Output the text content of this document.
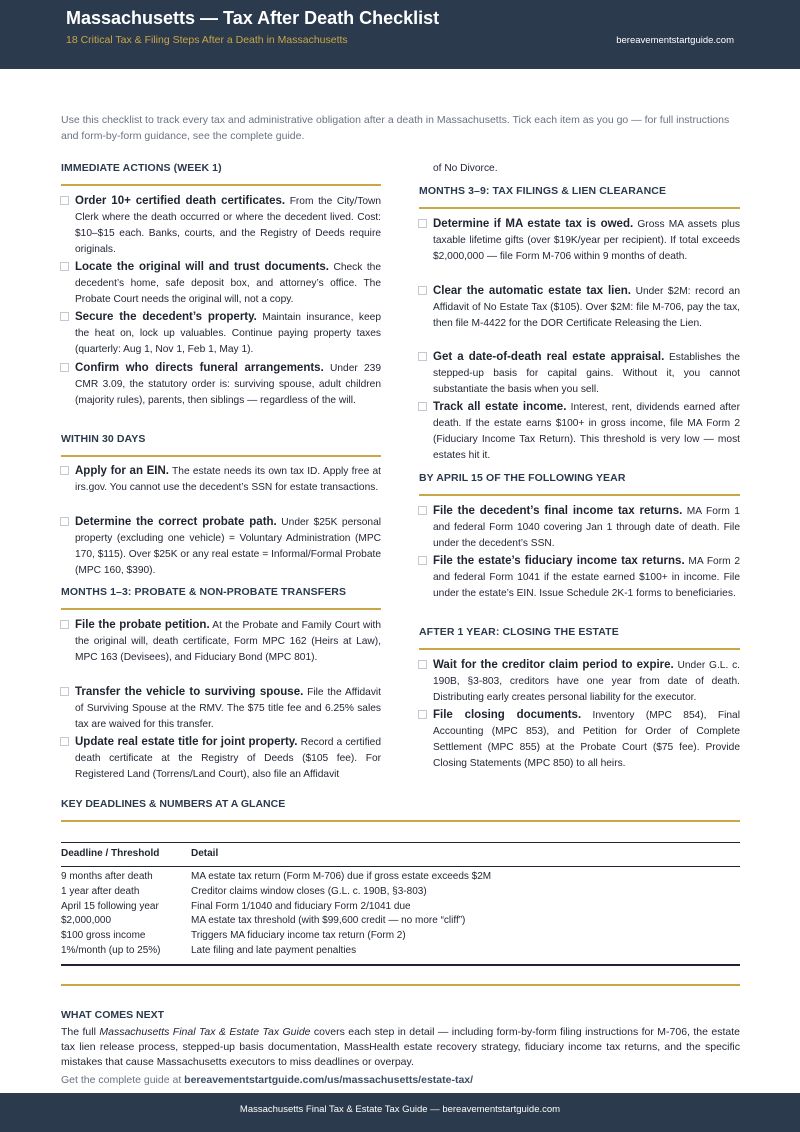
Massachusetts — Tax After Death Checklist
18 Critical Tax & Filing Steps After a Death in Massachusetts	bereavementstartguide.com
Use this checklist to track every tax and administrative obligation after a death in Massachusetts. Tick each item as you go — for full instructions and form-by-form guidance, see the complete guide.
IMMEDIATE ACTIONS (WEEK 1)
Order 10+ certified death certificates. From the City/Town Clerk where the death occurred or where the decedent lived. Cost: $10–$15 each. Banks, courts, and the Registry of Deeds require originals.
Locate the original will and trust documents. Check the decedent’s home, safe deposit box, and attorney’s office. The Probate Court needs the original will, not a copy.
Secure the decedent’s property. Maintain insurance, keep the heat on, lock up valuables. Continue paying property taxes (quarterly: Aug 1, Nov 1, Feb 1, May 1).
Confirm who directs funeral arrangements. Under 239 CMR 3.09, the statutory order is: surviving spouse, adult children (majority rules), parents, then siblings — regardless of the will.
WITHIN 30 DAYS
Apply for an EIN. The estate needs its own tax ID. Apply free at irs.gov. You cannot use the decedent’s SSN for estate transactions.
Determine the correct probate path. Under $25K personal property (excluding one vehicle) = Voluntary Administration (MPC 170, $115). Over $25K or any real estate = Informal/Formal Probate (MPC 160, $390).
MONTHS 1–3: PROBATE & NON-PROBATE TRANSFERS
File the probate petition. At the Probate and Family Court with the original will, death certificate, Form MPC 162 (Heirs at Law), MPC 163 (Devisees), and Fiduciary Bond (MPC 801).
Transfer the vehicle to surviving spouse. File the Affidavit of Surviving Spouse at the RMV. The $75 title fee and 6.25% sales tax are waived for this transfer.
Update real estate title for joint property. Record a certified death certificate at the Registry of Deeds ($105 fee). For Registered Land (Torrens/Land Court), also file an Affidavit
of No Divorce.
MONTHS 3–9: TAX FILINGS & LIEN CLEARANCE
Determine if MA estate tax is owed. Gross MA assets plus taxable lifetime gifts (over $19K/year per recipient). If total exceeds $2,000,000 — file Form M-706 within 9 months of death.
Clear the automatic estate tax lien. Under $2M: record an Affidavit of No Estate Tax ($105). Over $2M: file M-706, pay the tax, then file M-4422 for the DOR Certificate Releasing the Lien.
Get a date-of-death real estate appraisal. Establishes the stepped-up basis for capital gains. Without it, you cannot substantiate the basis when you sell.
Track all estate income. Interest, rent, dividends earned after death. If the estate earns $100+ in gross income, file MA Form 2 (Fiduciary Income Tax Return). This threshold is very low — most estates hit it.
BY APRIL 15 OF THE FOLLOWING YEAR
File the decedent’s final income tax returns. MA Form 1 and federal Form 1040 covering Jan 1 through date of death. File under the decedent’s SSN.
File the estate’s fiduciary income tax returns. MA Form 2 and federal Form 1041 if the estate earned $100+ in income. File under the estate’s EIN. Issue Schedule 2K-1 forms to beneficiaries.
AFTER 1 YEAR: CLOSING THE ESTATE
Wait for the creditor claim period to expire. Under G.L. c. 190B, §3-803, creditors have one year from date of death. Distributing early creates personal liability for the executor.
File closing documents. Inventory (MPC 854), Final Accounting (MPC 853), and Petition for Order of Complete Settlement (MPC 855) at the Probate Court ($75 fee). Provide Closing Statements (MPC 850) to all heirs.
KEY DEADLINES & NUMBERS AT A GLANCE
Deadline / Threshold	Detail
9 months after death	MA estate tax return (Form M-706) due if gross estate exceeds $2M
1 year after death	Creditor claims window closes (G.L. c. 190B, §3-803)
April 15 following year	Final Form 1/1040 and fiduciary Form 2/1041 due
$2,000,000	MA estate tax threshold (with $99,600 credit — no more “cliff”)
$100 gross income	Triggers MA fiduciary income tax return (Form 2)
1%/month (up to 25%)	Late filing and late payment penalties
WHAT COMES NEXT
The full Massachusetts Final Tax & Estate Tax Guide covers each step in detail — including form-by-form filing instructions for M-706, the estate tax lien release process, stepped-up basis documentation, MassHealth estate recovery strategy, fiduciary income tax returns, and the specific mistakes that cause Massachusetts executors to miss deadlines or overpay.
Get the complete guide at bereavementstartguide.com/us/massachusetts/estate-tax/
Massachusetts Final Tax & Estate Tax Guide — bereavementstartguide.com
